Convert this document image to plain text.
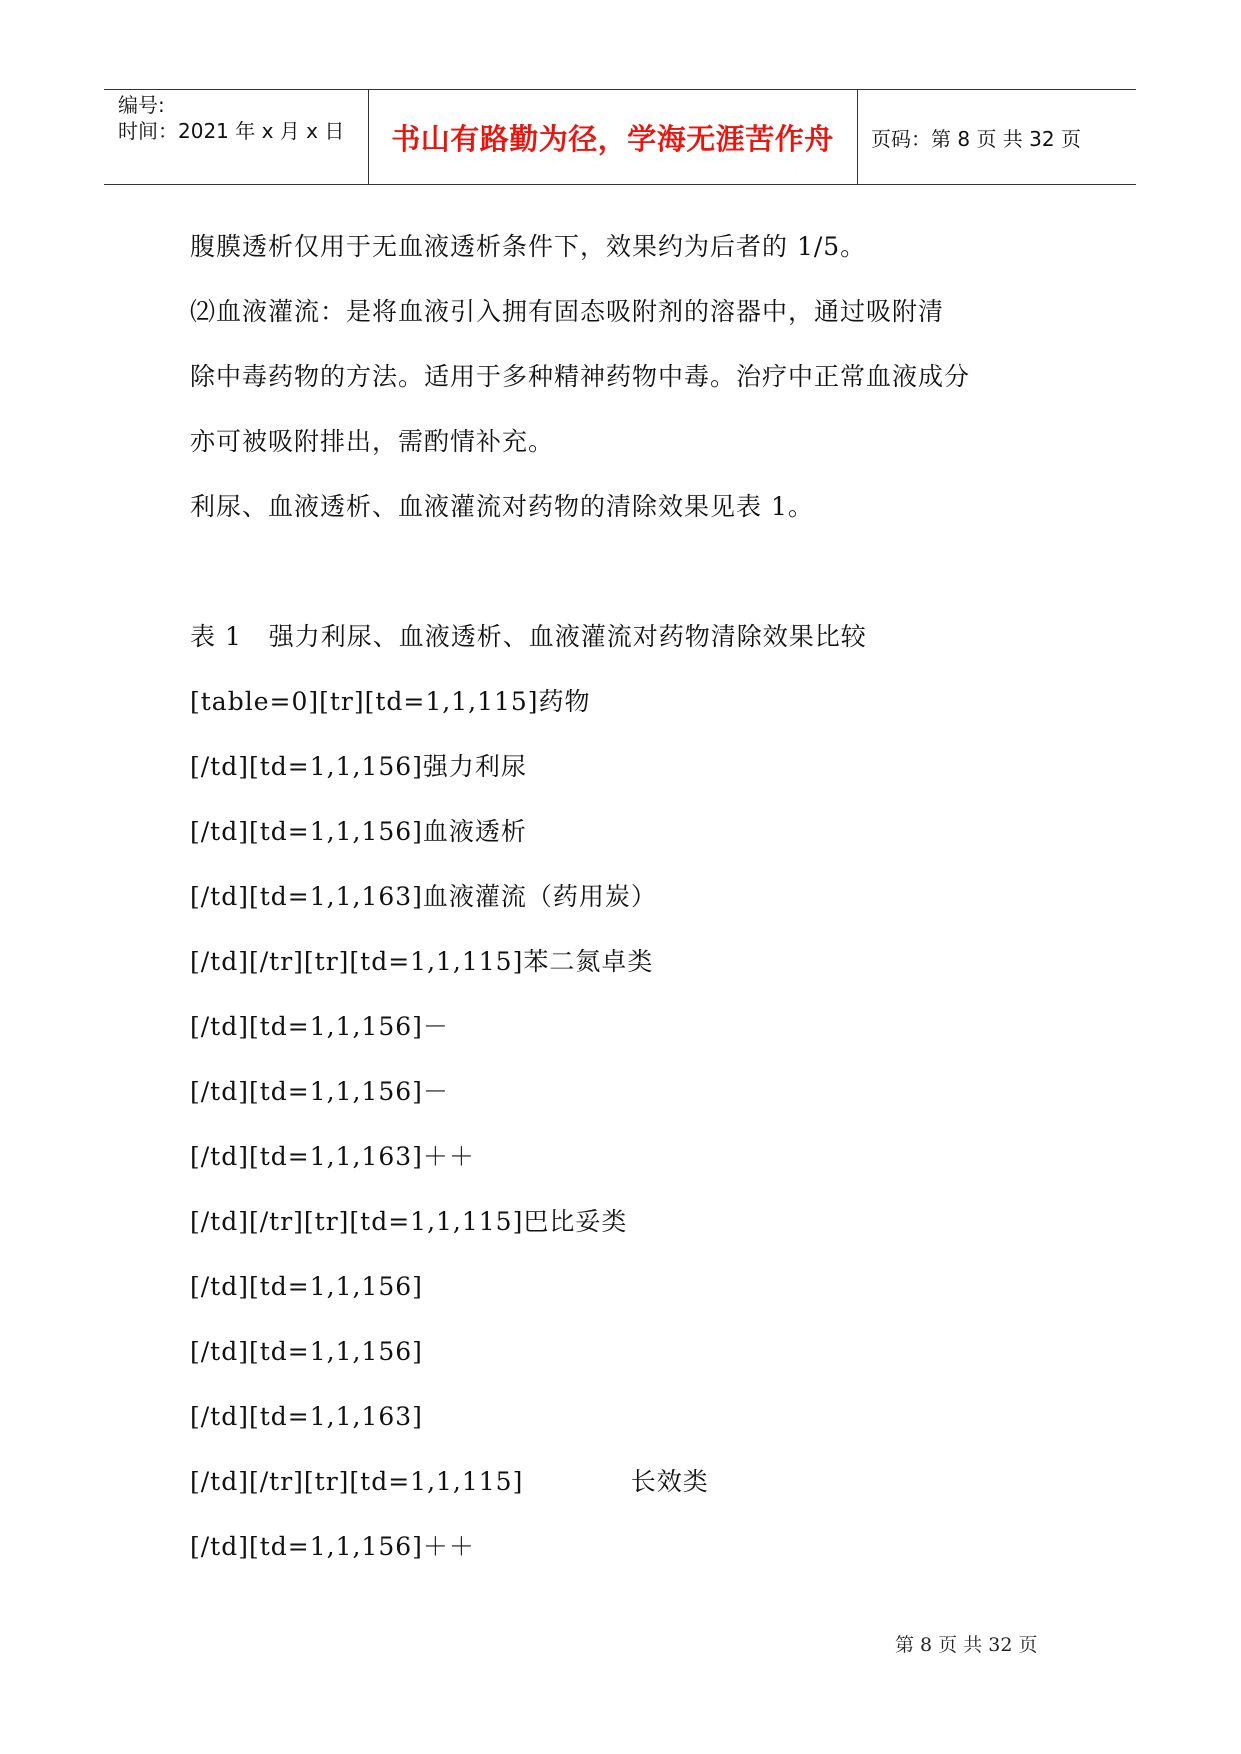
编号:
时间：2021 年 x 月 x 日	书山有路勤为径，学海无涯苦作舟	页码：第 8 页 共 32 页
腹膜透析仅用于无血液透析条件下，效果约为后者的 1/5。
⑵血液灌流：是将血液引入拥有固态吸附剂的溶器中，通过吸附清
除中毒药物的方法。适用于多种精神药物中毒。治疗中正常血液成分
亦可被吸附排出，需酌情补充。
利尿、血液透析、血液灌流对药物的清除效果见表 1。
表 1   强力利尿、血液透析、血液灌流对药物清除效果比较
[table=0][tr][td=1,1,115]药物
[/td][td=1,1,156]强力利尿
[/td][td=1,1,156]血液透析
[/td][td=1,1,163]血液灌流（药用炭）
[/td][/tr][tr][td=1,1,115]苯二氮卓类
[/td][td=1,1,156]－
[/td][td=1,1,156]－
[/td][td=1,1,163]＋＋
[/td][/tr][tr][td=1,1,115]巴比妥类
[/td][td=1,1,156]
[/td][td=1,1,156]
[/td][td=1,1,163]
[/td][/tr][tr][td=1,1,115]            长效类
[/td][td=1,1,156]＋＋
第 8 页 共 32 页
